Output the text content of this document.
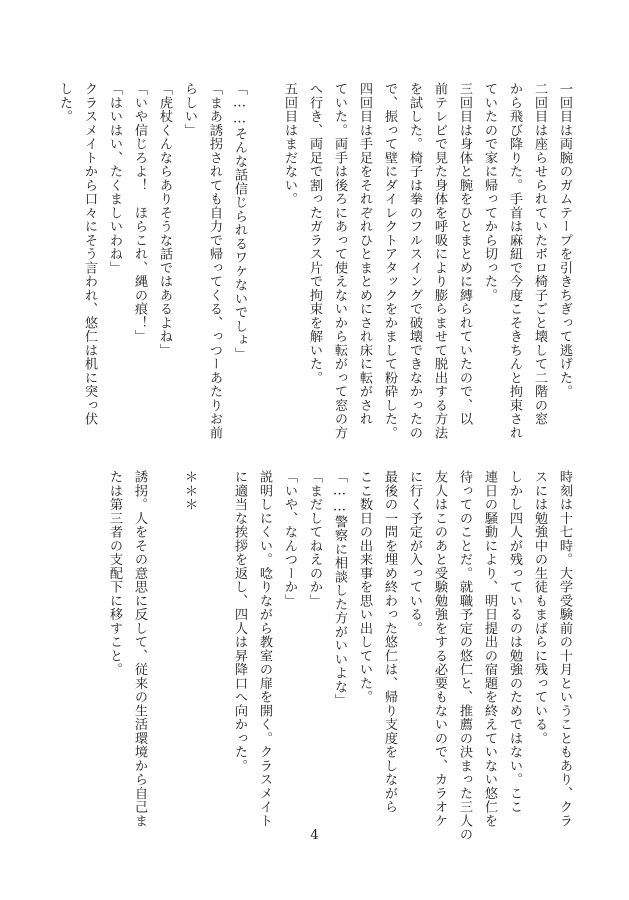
一回目は両腕のガムテープを引きちぎって逃げた。
二回目は座らせられていたボロ椅子ごと壊して二階の窓
から飛び降りた。手首は麻紐で今度こそきちんと拘束され
ていたので家に帰ってから切った。
三回目は身体と腕をひとまとめに縛られていたので、以
前テレビで見た身体を呼吸により膨らませて脱出する方法
を試した。椅子は拳のフルスイングで破壊できなかったの
で、振って壁にダイレクトアタックをかまして粉砕した。
四回目は手足をそれぞれひとまとめにされ床に転がされ
ていた。両手は後ろにあって使えないから転がって窓の方
へ行き、両足で割ったガラス片で拘束を解いた。
五回目はまだない。
「……そんな話信じられるワケないでしょ」
「まあ誘拐されても自力で帰ってくる、っつーあたりお前
らしい」
「虎杖くんならありそうな話ではあるよね」
「いや信じろよ！　ほらこれ、縄の痕！」
「はいはい、たくましいわね」
クラスメイトから口々にそう言われ、悠仁は机に突っ伏
した。
時刻は十七時。大学受験前の十月ということもあり、クラ
スには勉強中の生徒もまばらに残っている。
しかし四人が残っているのは勉強のためではない。ここ
連日の騒動により、明日提出の宿題を終えていない悠仁を
待ってのことだ。就職予定の悠仁と、推薦の決まった三人の
友人はこのあと受験勉強をする必要もないので、カラオケ
に行く予定が入っている。
最後の一問を埋め終わった悠仁は、帰り支度をしながら
ここ数日の出来事を思い出していた。
「……警察に相談した方がいいよな」
「まだしてねえのか」
「いや、なんつーか」
説明しにくい。唸りながら教室の扉を開く。クラスメイト
に適当な挨拶を返し、四人は昇降口へ向かった。
＊＊＊
誘拐。人をその意思に反して、従来の生活環境から自己ま
たは第三者の支配下に移すこと。
4
